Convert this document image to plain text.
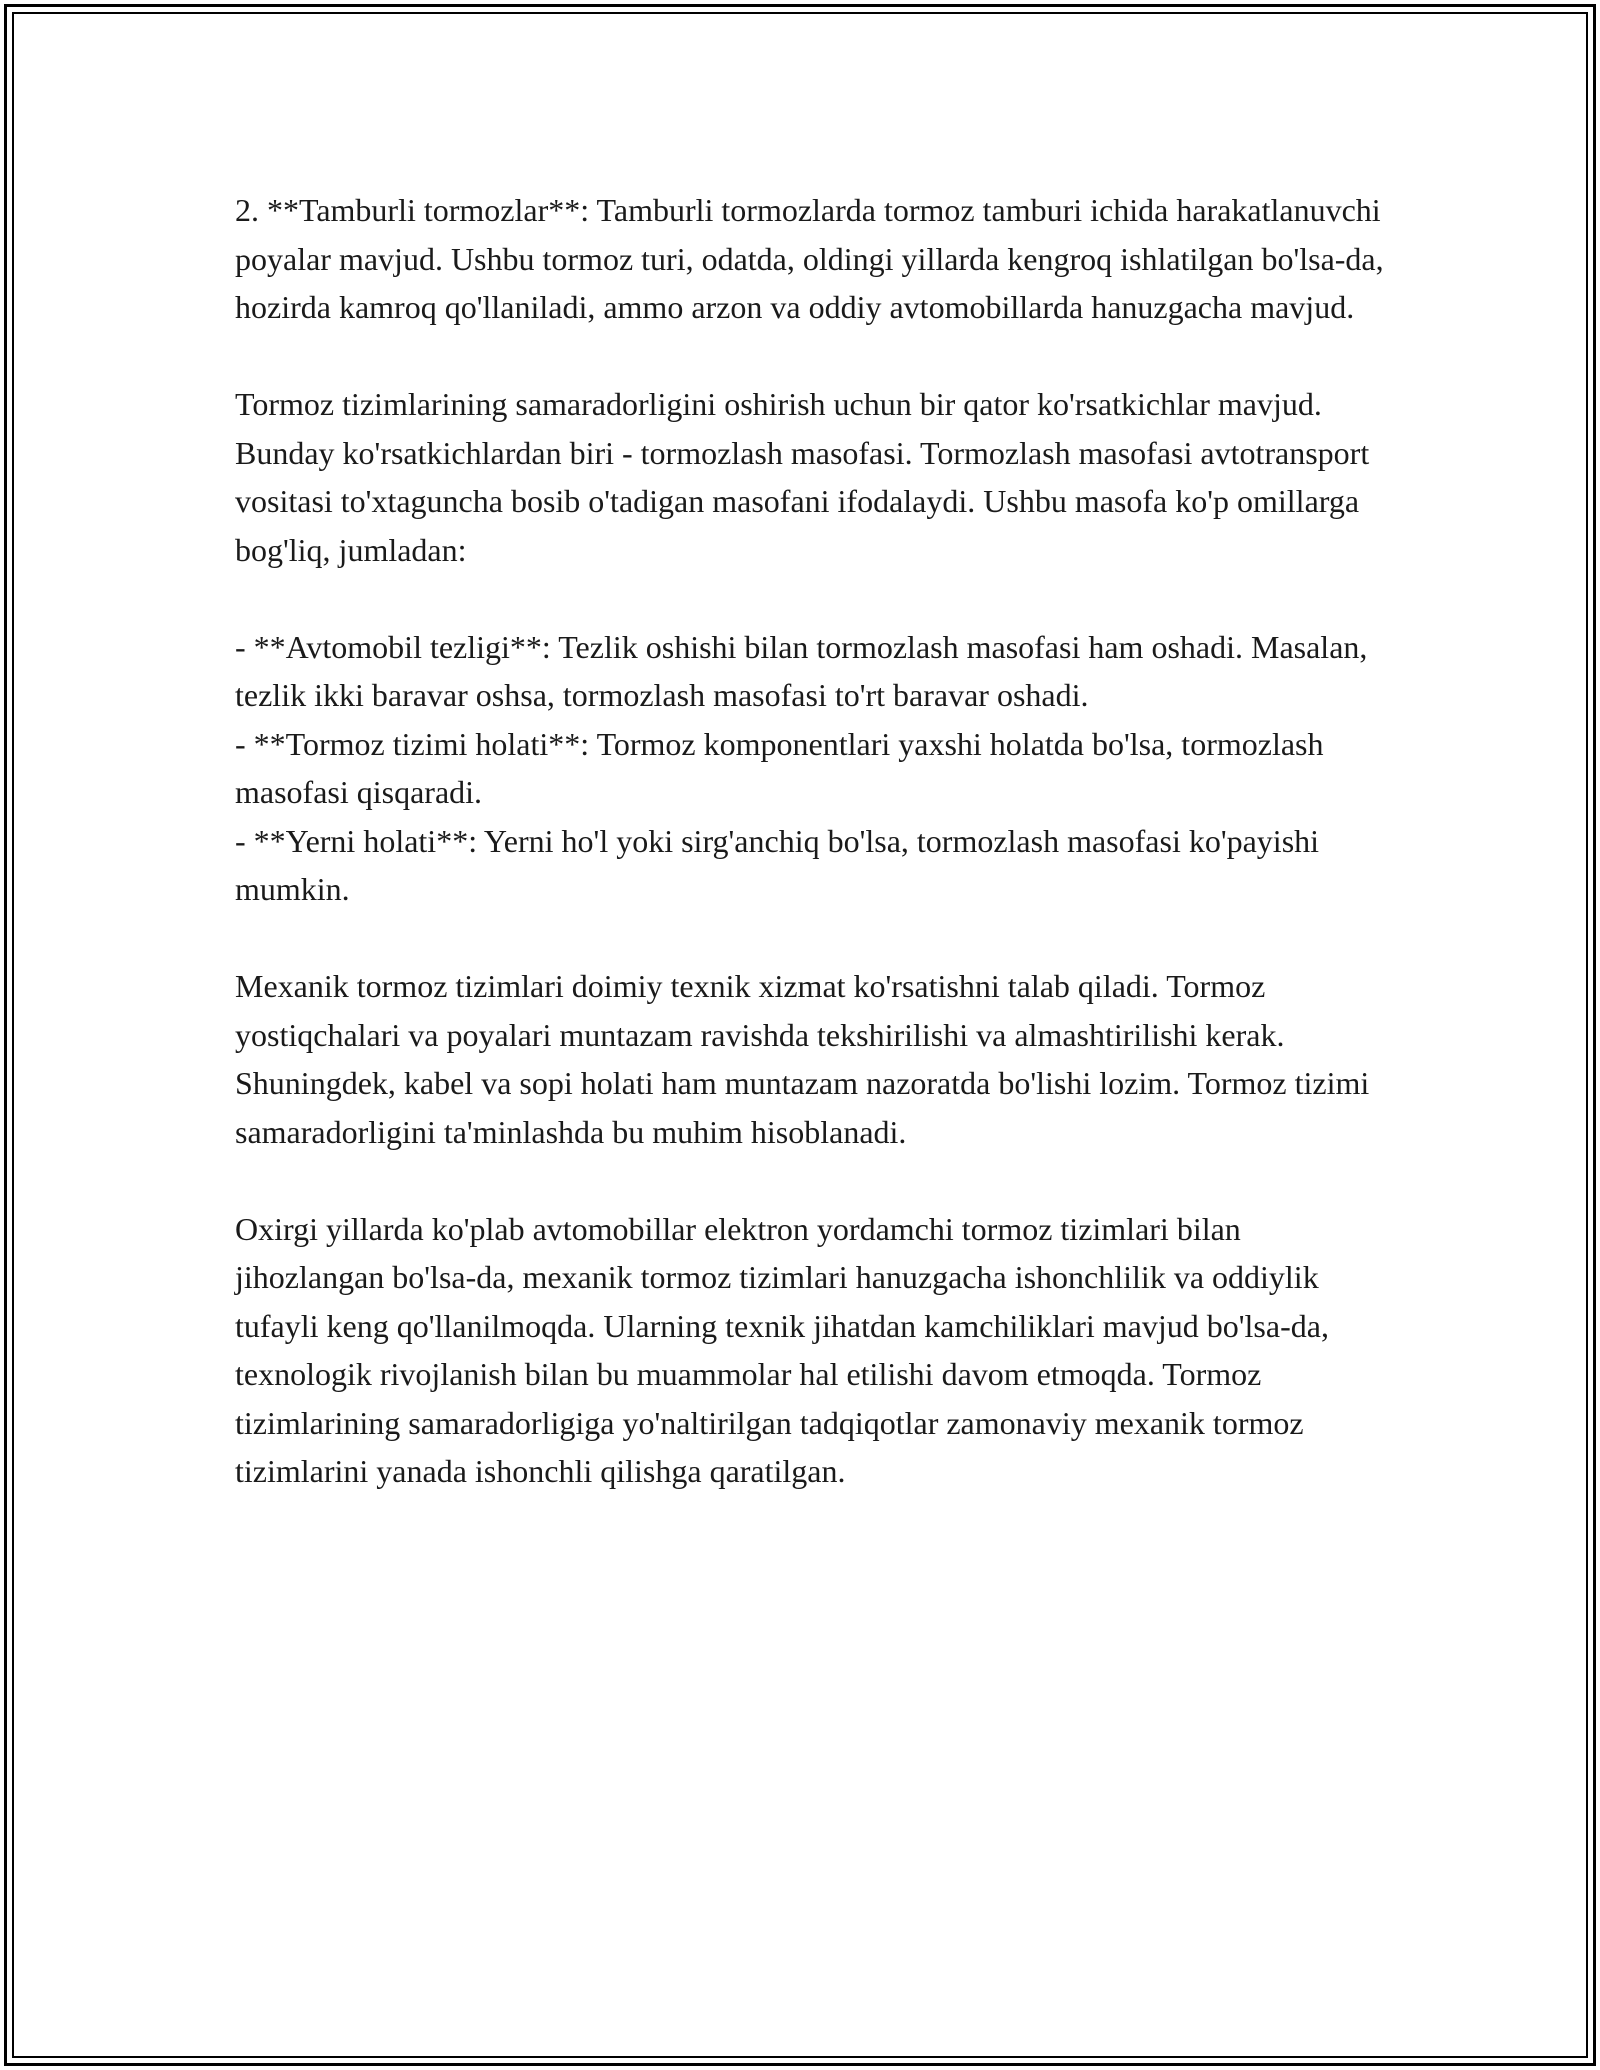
2. **Tamburli tormozlar**: Tamburli tormozlarda tormoz tamburi ichida harakatlanuvchi poyalar mavjud. Ushbu tormoz turi, odatda, oldingi yillarda kengroq ishlatilgan bo'lsa-da, hozirda kamroq qo'llaniladi, ammo arzon va oddiy avtomobillarda hanuzgacha mavjud.

Tormoz tizimlarining samaradorligini oshirish uchun bir qator ko'rsatkichlar mavjud. Bunday ko'rsatkichlardan biri - tormozlash masofasi. Tormozlash masofasi avtotransport vositasi to'xtaguncha bosib o'tadigan masofani ifodalaydi. Ushbu masofa ko'p omillarga bog'liq, jumladan:

- **Avtomobil tezligi**: Tezlik oshishi bilan tormozlash masofasi ham oshadi. Masalan, tezlik ikki baravar oshsa, tormozlash masofasi to'rt baravar oshadi.
- **Tormoz tizimi holati**: Tormoz komponentlari yaxshi holatda bo'lsa, tormozlash masofasi qisqaradi.
- **Yerni holati**: Yerni ho'l yoki sirg'anchiq bo'lsa, tormozlash masofasi ko'payishi mumkin.

Mexanik tormoz tizimlari doimiy texnik xizmat ko'rsatishni talab qiladi. Tormoz yostiqchalari va poyalari muntazam ravishda tekshirilishi va almashtirilishi kerak. Shuningdek, kabel va sopi holati ham muntazam nazoratda bo'lishi lozim. Tormoz tizimi samaradorligini ta'minlashda bu muhim hisoblanadi.

Oxirgi yillarda ko'plab avtomobillar elektron yordamchi tormoz tizimlari bilan jihozlangan bo'lsa-da, mexanik tormoz tizimlari hanuzgacha ishonchlilik va oddiylik tufayli keng qo'llanilmoqda. Ularning texnik jihatdan kamchiliklari mavjud bo'lsa-da, texnologik rivojlanish bilan bu muammolar hal etilishi davom etmoqda. Tormoz tizimlarining samaradorligiga yo'naltirilgan tadqiqotlar zamonaviy mexanik tormoz tizimlarini yanada ishonchli qilishga qaratilgan.
